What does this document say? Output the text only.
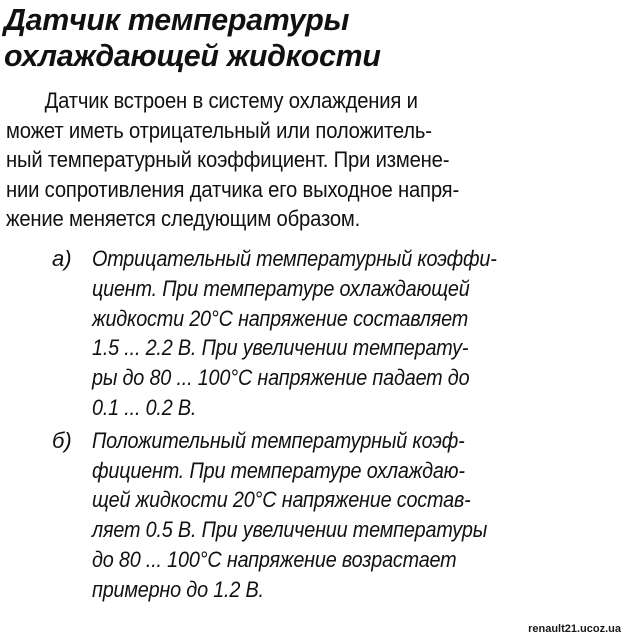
Датчик температуры
охлаждающей жидкости
Датчик встроен в систему охлаждения и
может иметь отрицательный или положитель-
ный температурный коэффициент. При измене-
нии сопротивления датчика его выходное напря-
жение меняется следующим образом.
а) Отрицательный температурный коэффи-
циент. При температуре охлаждающей
жидкости 20°С напряжение составляет
1.5 ... 2.2 В. При увеличении температу-
ры до 80 ... 100°С напряжение падает до
0.1 ... 0.2 В.
б) Положительный температурный коэф-
фициент. При температуре охлаждаю-
щей жидкости 20°С напряжение состав-
ляет 0.5 В. При увеличении температуры
до 80 ... 100°С напряжение возрастает
примерно до 1.2 В.
renault21.ucoz.ua
